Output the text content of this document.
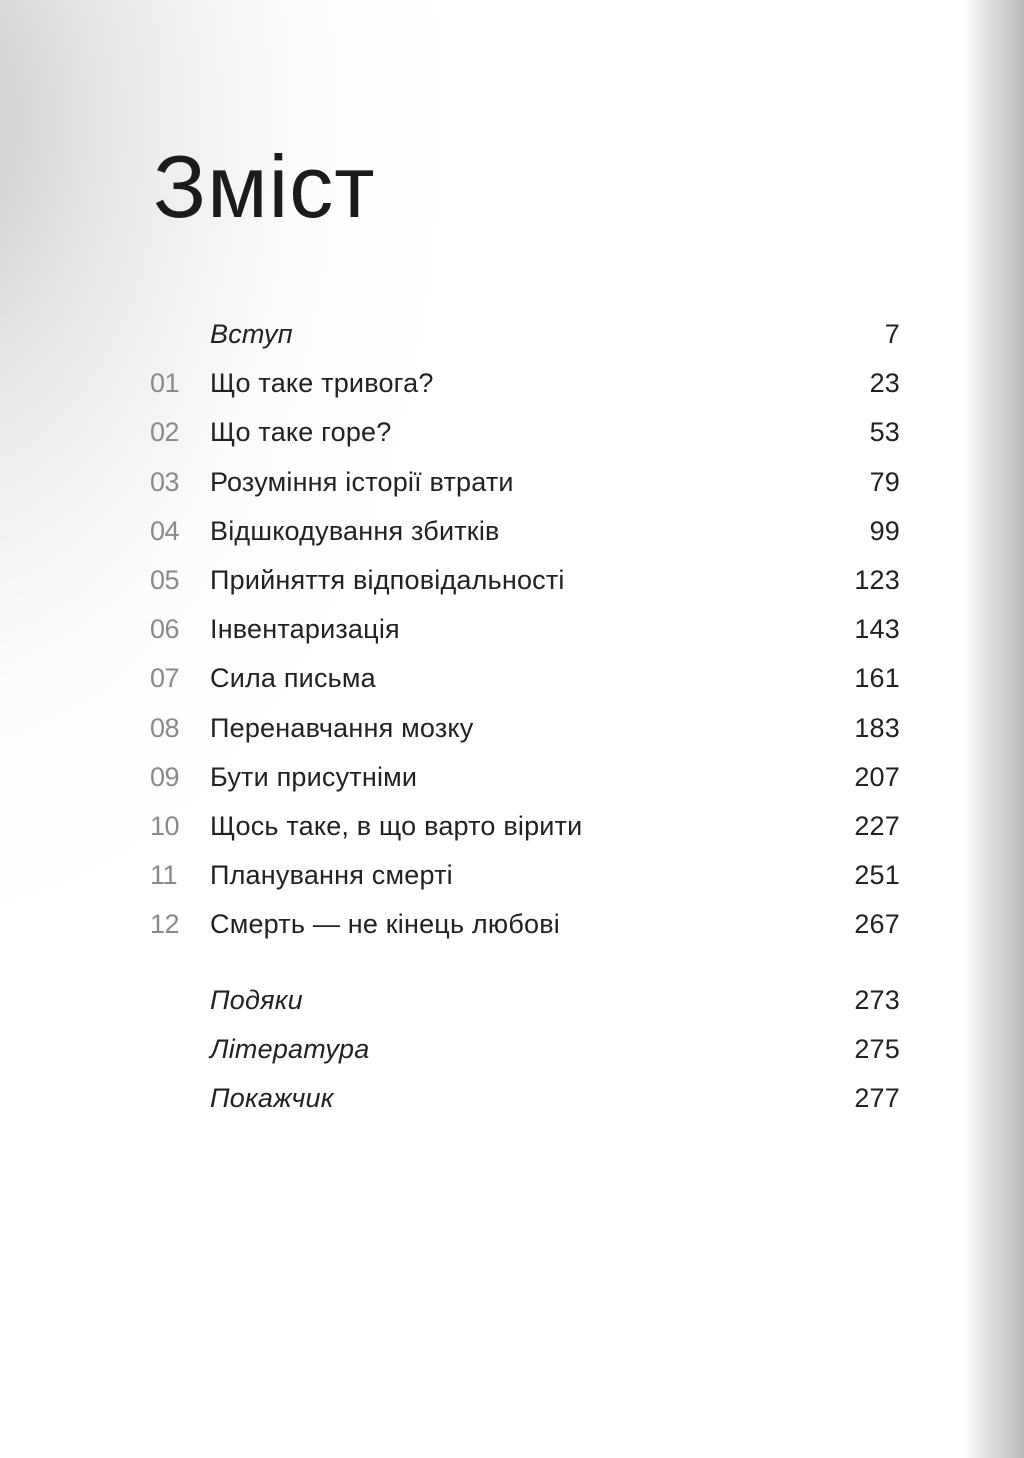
Зміст
Вступ	7
01	Що таке тривога?	23
02	Що таке горе?	53
03	Розуміння історії втрати	79
04	Відшкодування збитків	99
05	Прийняття відповідальності	123
06	Інвентаризація	143
07	Сила письма	161
08	Перенавчання мозку	183
09	Бути присутніми	207
10	Щось таке, в що варто вірити	227
11	Планування смерті	251
12	Смерть — не кінець любові	267
Подяки	273
Література	275
Покажчик	277
